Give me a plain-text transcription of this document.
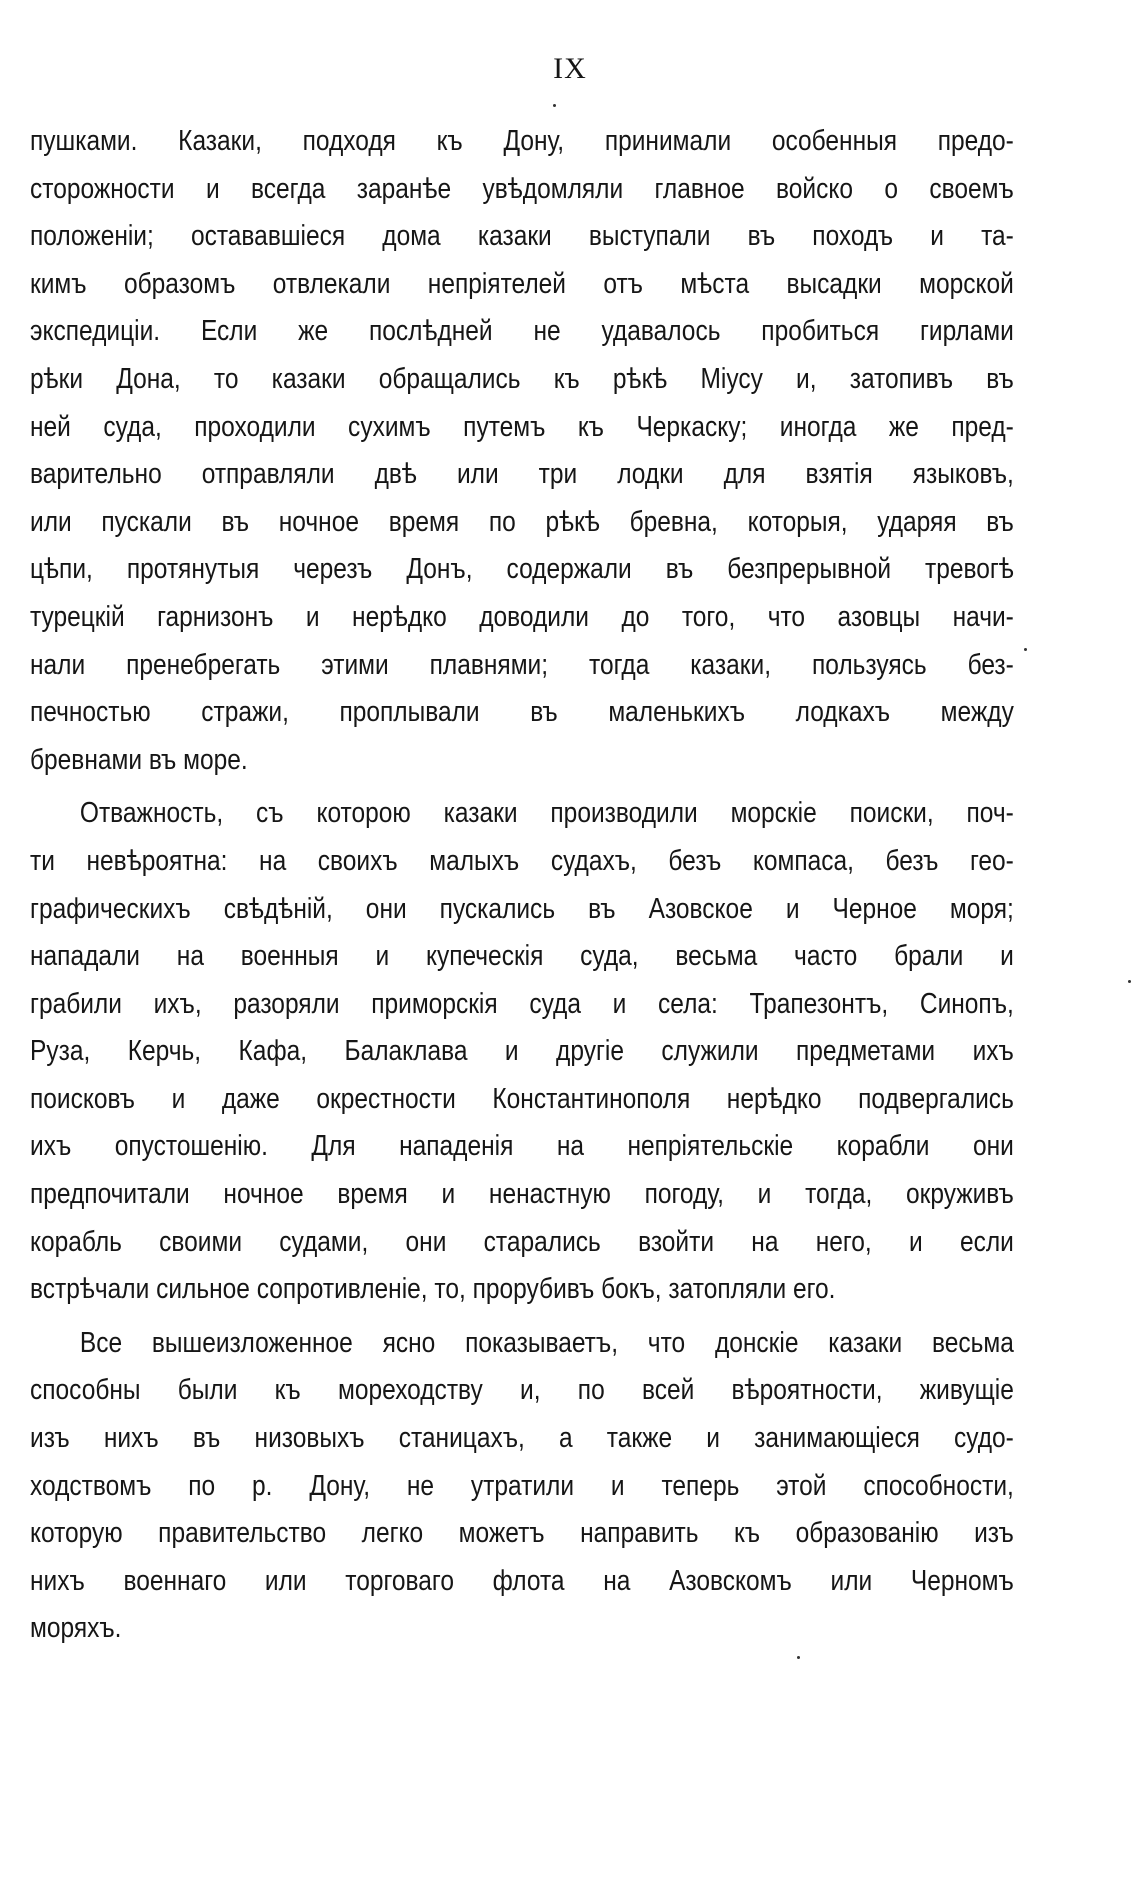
IX
пушками. Казаки, подходя къ Дону, принимали особенныя предо-
сторожности и всегда заранѣе увѣдомляли главное войско о своемъ
положеніи; остававшіеся дома казаки выступали въ походъ и та-
кимъ образомъ отвлекали непріятелей отъ мѣста высадки морской
экспедиціи. Если же послѣдней не удавалось пробиться гирлами
рѣки Дона, то казаки обращались къ рѣкѣ Міусу и, затопивъ въ
ней суда, проходили сухимъ путемъ къ Черкаску; иногда же пред-
варительно отправляли двѣ или три лодки для взятія языковъ,
или пускали въ ночное время по рѣкѣ бревна, которыя, ударяя въ
цѣпи, протянутыя черезъ Донъ, содержали въ безпрерывной тревогѣ
турецкій гарнизонъ и нерѣдко доводили до того, что азовцы начи-
нали пренебрегать этими плавнями; тогда казаки, пользуясь без-
печностью стражи, проплывали въ маленькихъ лодкахъ между
бревнами въ море.
Отважность, съ которою казаки производили морскіе поиски, поч-
ти невѣроятна: на своихъ малыхъ судахъ, безъ компаса, безъ гео-
графическихъ свѣдѣній, они пускались въ Азовское и Черное моря;
нападали на военныя и купеческія суда, весьма часто брали и
грабили ихъ, разоряли приморскія суда и села: Трапезонтъ, Синопъ,
Руза, Керчь, Кафа, Балаклава и другіе служили предметами ихъ
поисковъ и даже окрестности Константинополя нерѣдко подвергались
ихъ опустошенію. Для нападенія на непріятельскіе корабли они
предпочитали ночное время и ненастную погоду, и тогда, окруживъ
корабль своими судами, они старались взойти на него, и если
встрѣчали сильное сопротивленіе, то, прорубивъ бокъ, затопляли его.
Все вышеизложенное ясно показываетъ, что донскіе казаки весьма
способны были къ мореходству и, по всей вѣроятности, живущіе
изъ нихъ въ низовыхъ станицахъ, а также и занимающіеся судо-
ходствомъ по р. Дону, не утратили и теперь этой способности,
которую правительство легко можетъ направить къ образованію изъ
нихъ военнаго или торговаго флота на Азовскомъ или Черномъ
моряхъ.
